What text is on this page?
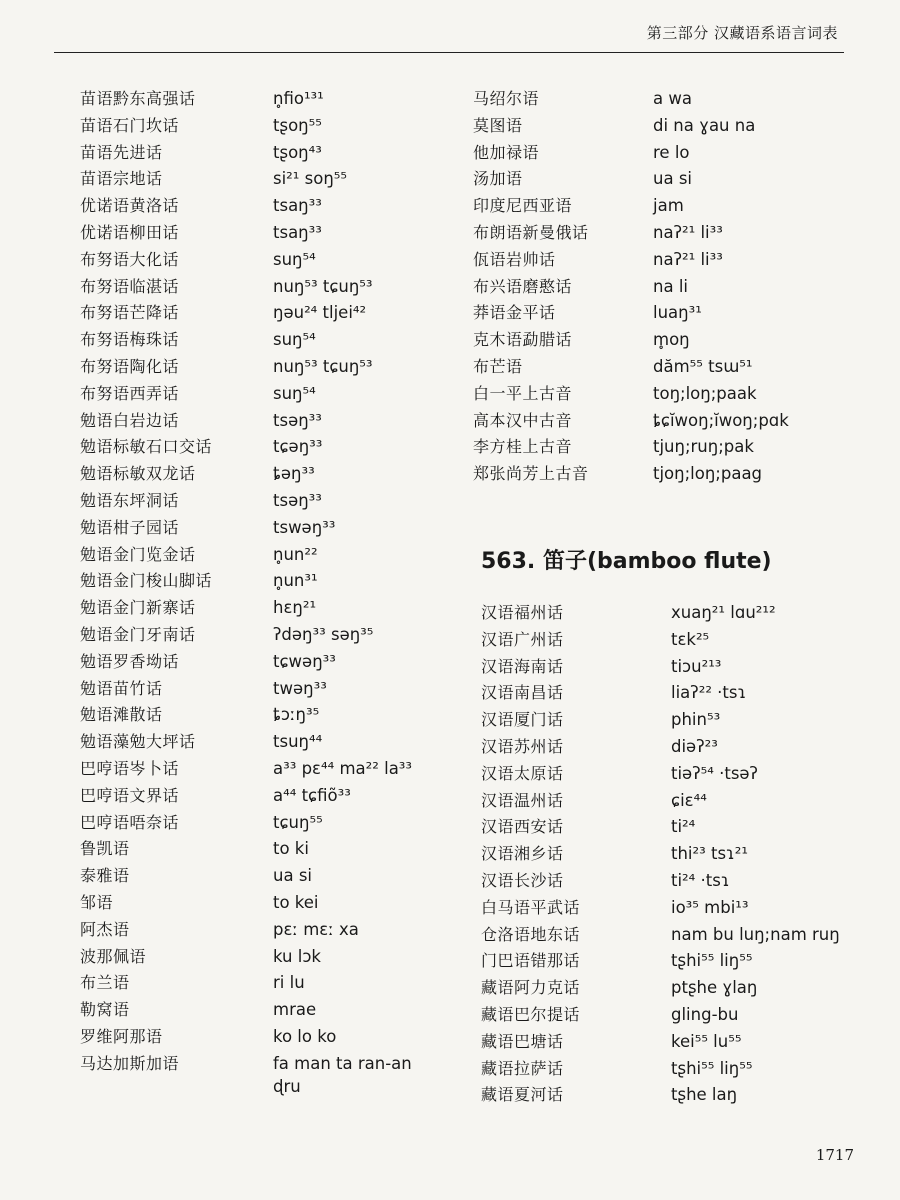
第三部分 汉藏语系语言词表
苗语黔东高强话	n̥fio¹³¹
苗语石门坎话	tʂoŋ⁵⁵
苗语先进话	tʂoŋ⁴³
苗语宗地话	si²¹ soŋ⁵⁵
优诺语黄洛话	tsaŋ³³
优诺语柳田话	tsaŋ³³
布努语大化话	suŋ⁵⁴
布努语临湛话	nuŋ⁵³ tɕuŋ⁵³
布努语芒降话	ŋəu²⁴ tljei⁴²
布努语梅珠话	suŋ⁵⁴
布努语陶化话	nuŋ⁵³ tɕuŋ⁵³
布努语西弄话	suŋ⁵⁴
勉语白岩边话	tsəŋ³³
勉语标敏石口交话	tɕəŋ³³
勉语标敏双龙话	ȶəŋ³³
勉语东坪洞话	tsəŋ³³
勉语柑子园话	tswəŋ³³
勉语金门览金话	n̥un²²
勉语金门梭山脚话	n̥un³¹
勉语金门新寨话	hɛŋ²¹
勉语金门牙南话	ʔdəŋ³³ səŋ³⁵
勉语罗香坳话	tɕwəŋ³³
勉语苗竹话	twəŋ³³
勉语滩散话	ȶɔːŋ³⁵
勉语藻勉大坪话	tsuŋ⁴⁴
巴哼语岑卜话	a³³ pɛ⁴⁴ ma²² la³³
巴哼语文界话	a⁴⁴ tɕfiõ³³
巴哼语唔奈话	tɕuŋ⁵⁵
鲁凯语	to ki
泰雅语	ua si
邹语	to kei
阿杰语	pɛː mɛː xa
波那佩语	ku lɔk
布兰语	ri lu
勒窝语	mrae
罗维阿那语	ko lo ko
马达加斯加语	fa man ta ran-an
ɖru
马绍尔语	a wa
莫图语	di na ɣau na
他加禄语	re lo
汤加语	ua si
印度尼西亚语	jam
布朗语新曼俄话	naʔ²¹ li³³
佤语岩帅话	naʔ²¹ li³³
布兴语磨憨话	na li
莽语金平话	luaŋ³¹
克木语勐腊话	m̥oŋ
布芒语	dăm⁵⁵ tsɯ⁵¹
白一平上古音	toŋ;loŋ;paak
高本汉中古音	ȶɕĭwoŋ;ĭwoŋ;pɑk
李方桂上古音	tjuŋ;ruŋ;pak
郑张尚芳上古音	tjoŋ;loŋ;paag
563. 笛子(bamboo flute)
汉语福州话	xuaŋ²¹ lɑu²¹²
汉语广州话	tɛk²⁵
汉语海南话	tiɔu²¹³
汉语南昌话	liaʔ²² ·tsɿ
汉语厦门话	phin⁵³
汉语苏州话	diəʔ²³
汉语太原话	tiəʔ⁵⁴ ·tsəʔ
汉语温州话	ɕiɛ⁴⁴
汉语西安话	ti²⁴
汉语湘乡话	thi²³ tsɿ²¹
汉语长沙话	ti²⁴ ·tsɿ
白马语平武话	io³⁵ mbi¹³
仓洛语地东话	nam bu luŋ;nam ruŋ
门巴语错那话	tʂhi⁵⁵ liŋ⁵⁵
藏语阿力克话	ptʂhe ɣlaŋ
藏语巴尔提话	gling-bu
藏语巴塘话	kei⁵⁵ lu⁵⁵
藏语拉萨话	tʂhi⁵⁵ liŋ⁵⁵
藏语夏河话	tʂhe laŋ
1717
